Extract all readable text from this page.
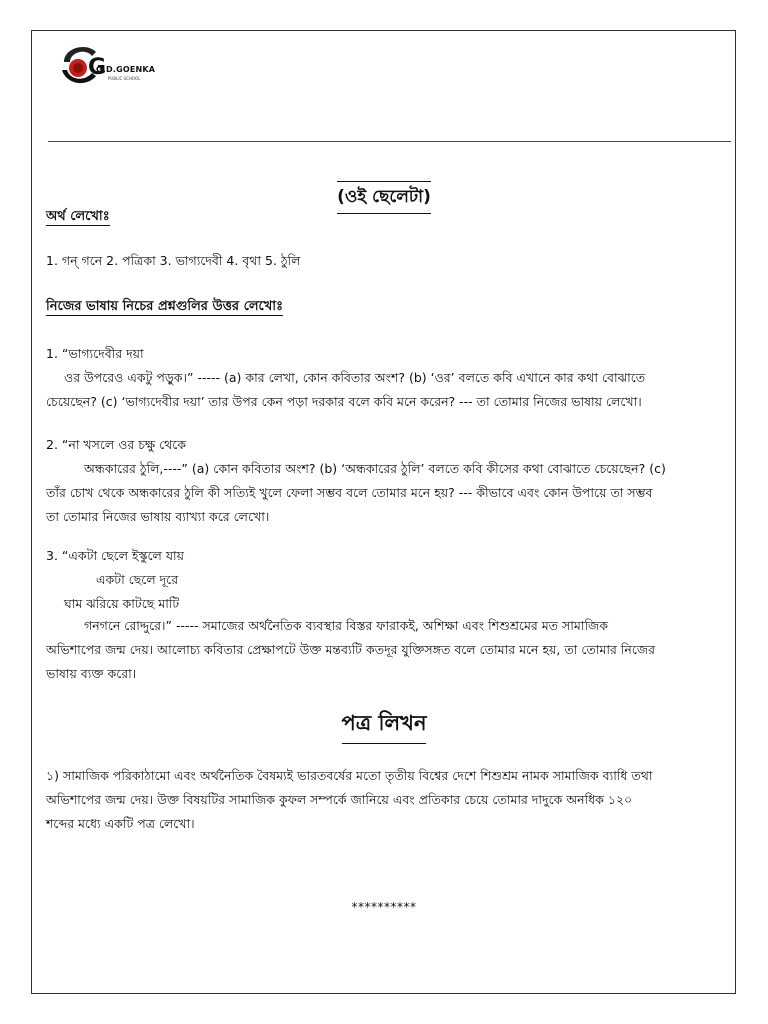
G
G.D.GOENKA
PUBLIC SCHOOL
(ওই ছেলেটা)
অর্থ লেখোঃ
1. গন্ গনে 2. পত্রিকা 3. ভাগ্যদেবী 4. বৃথা 5. ঠুলি
নিজের ভাষায় নিচের প্রশ্নগুলির উত্তর লেখোঃ
1. “ভাগ্যদেবীর দয়া
ওর উপরেও একটু পড়ুক।” ----- (a) কার লেখা, কোন কবিতার অংশ? (b) ‘ওর’ বলতে কবি এখানে কার কথা বোঝাতে
চেয়েছেন? (c) ‘ভাগ্যদেবীর দয়া’ তার উপর কেন পড়া দরকার বলে কবি মনে করেন? --- তা তোমার নিজের ভাষায় লেখো।
2. “না খসলে ওর চক্ষু থেকে
অন্ধকারের ঠুলি,----” (a) কোন কবিতার অংশ? (b) ‘অন্ধকারের ঠুলি’ বলতে কবি কীসের কথা বোঝাতে চেয়েছেন? (c)
তাঁর চোখ থেকে অন্ধকারের ঠুলি কী সত্যিই খুলে ফেলা সম্ভব বলে তোমার মনে হয়? --- কীভাবে এবং কোন উপায়ে তা সম্ভব
তা তোমার নিজের ভাষায় ব্যাখ্যা করে লেখো।
3. “একটা ছেলে ইস্কুলে যায়
একটা ছেলে দূরে
ঘাম ঝরিয়ে কাটছে মাটি
গনগনে রোদ্দুরে।” ----- সমাজের অর্থনৈতিক ব্যবস্থার বিস্তর ফারাকই, অশিক্ষা এবং শিশুশ্রমের মত সামাজিক
অভিশাপের জন্ম দেয়। আলোচ্য কবিতার প্রেক্ষাপটে উক্ত মন্তব্যটি কতদূর যুক্তিসঙ্গত বলে তোমার মনে হয়, তা তোমার নিজের
ভাষায় ব্যক্ত করো।
পত্র লিখন
১) সামাজিক পরিকাঠামো এবং অর্থনৈতিক বৈষম্যই ভারতবর্ষের মতো তৃতীয় বিশ্বের দেশে শিশুশ্রম নামক সামাজিক ব্যাধি তথা
অভিশাপের জন্ম দেয়। উক্ত বিষয়টির সামাজিক কুফল সম্পর্কে জানিয়ে এবং প্রতিকার চেয়ে তোমার দাদুকে অনধিক ১২০
শব্দের মধ্যে একটি পত্র লেখো।
**********
